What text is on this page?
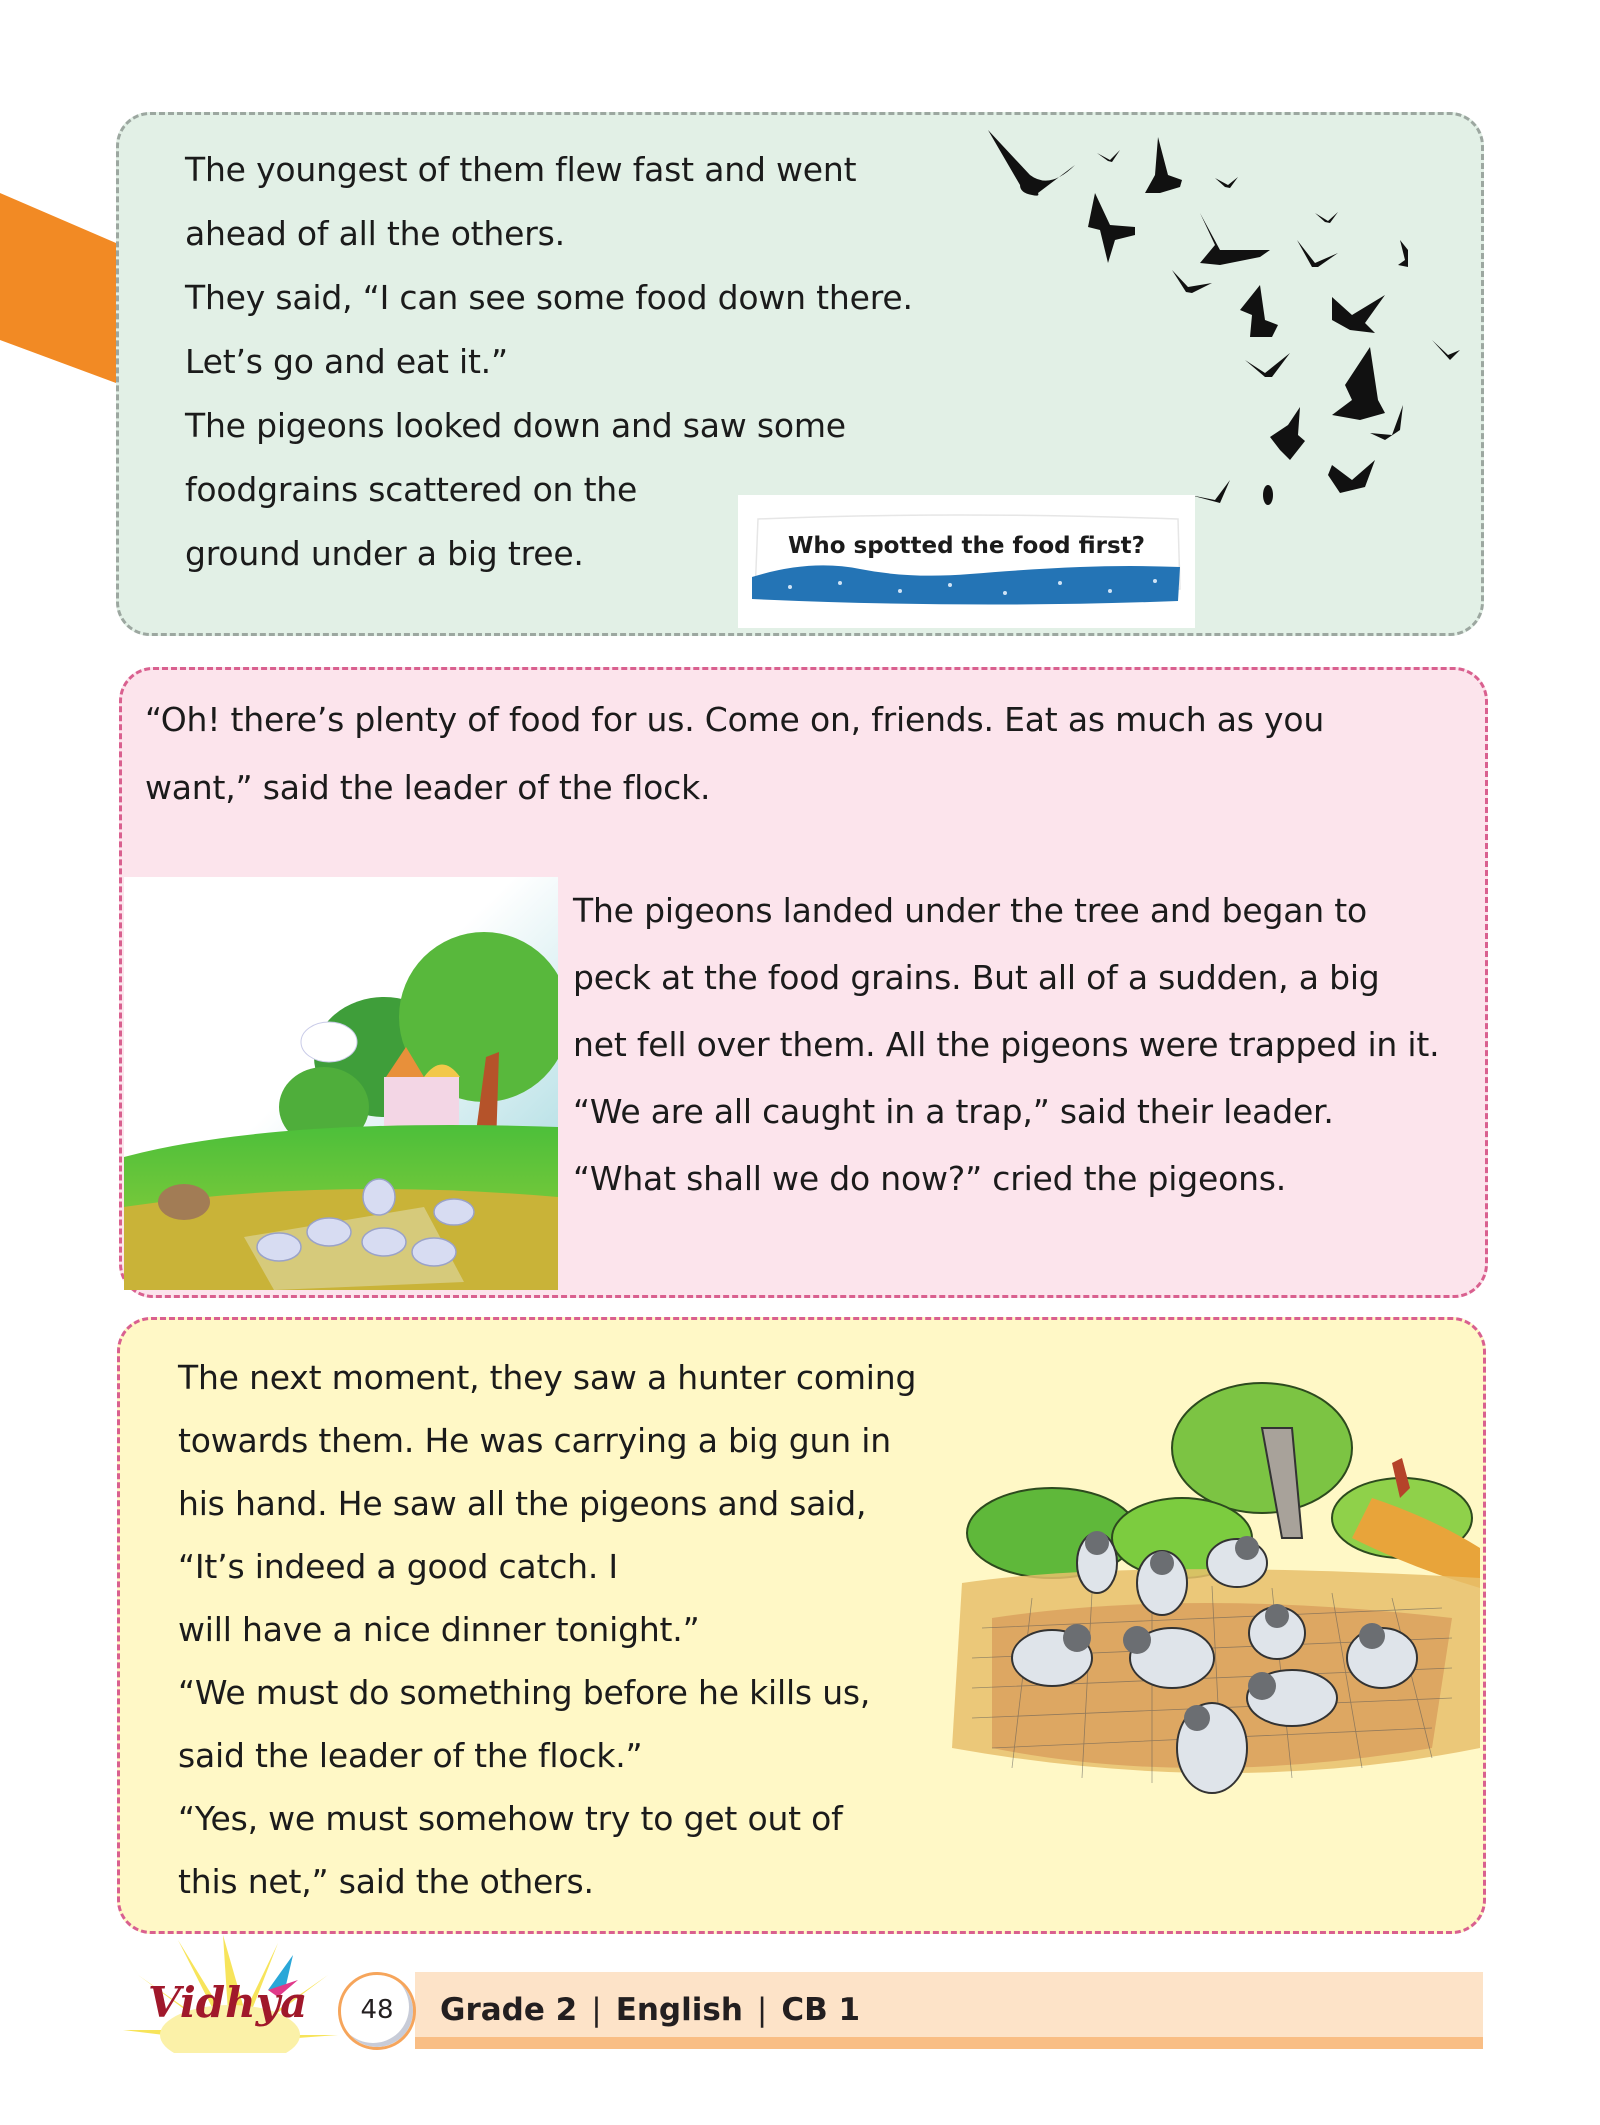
The youngest of them flew fast and went
ahead of all the others.
They said, “I can see some food down there.
Let’s go and eat it.”
The pigeons looked down and saw some
foodgrains scattered on the
ground under a big tree.	Who spotted the food first?
“Oh! there’s plenty of food for us. Come on, friends. Eat as much as you
want,” said the leader of the flock.
The pigeons landed under the tree and began to
peck at the food grains. But all of a sudden, a big
net fell over them. All the pigeons were trapped in it.
“We are all caught in a trap,” said their leader.
“What shall we do now?” cried the pigeons.
The next moment, they saw a hunter coming
towards them. He was carrying a big gun in
his hand. He saw all the pigeons and said,
“It’s indeed a good catch. I
will have a nice dinner tonight.”
“We must do something before he kills us,
said the leader of the flock.”
“Yes, we must somehow try to get out of
this net,” said the others.
Vidhya	48	Grade 2 | English | CB 1
